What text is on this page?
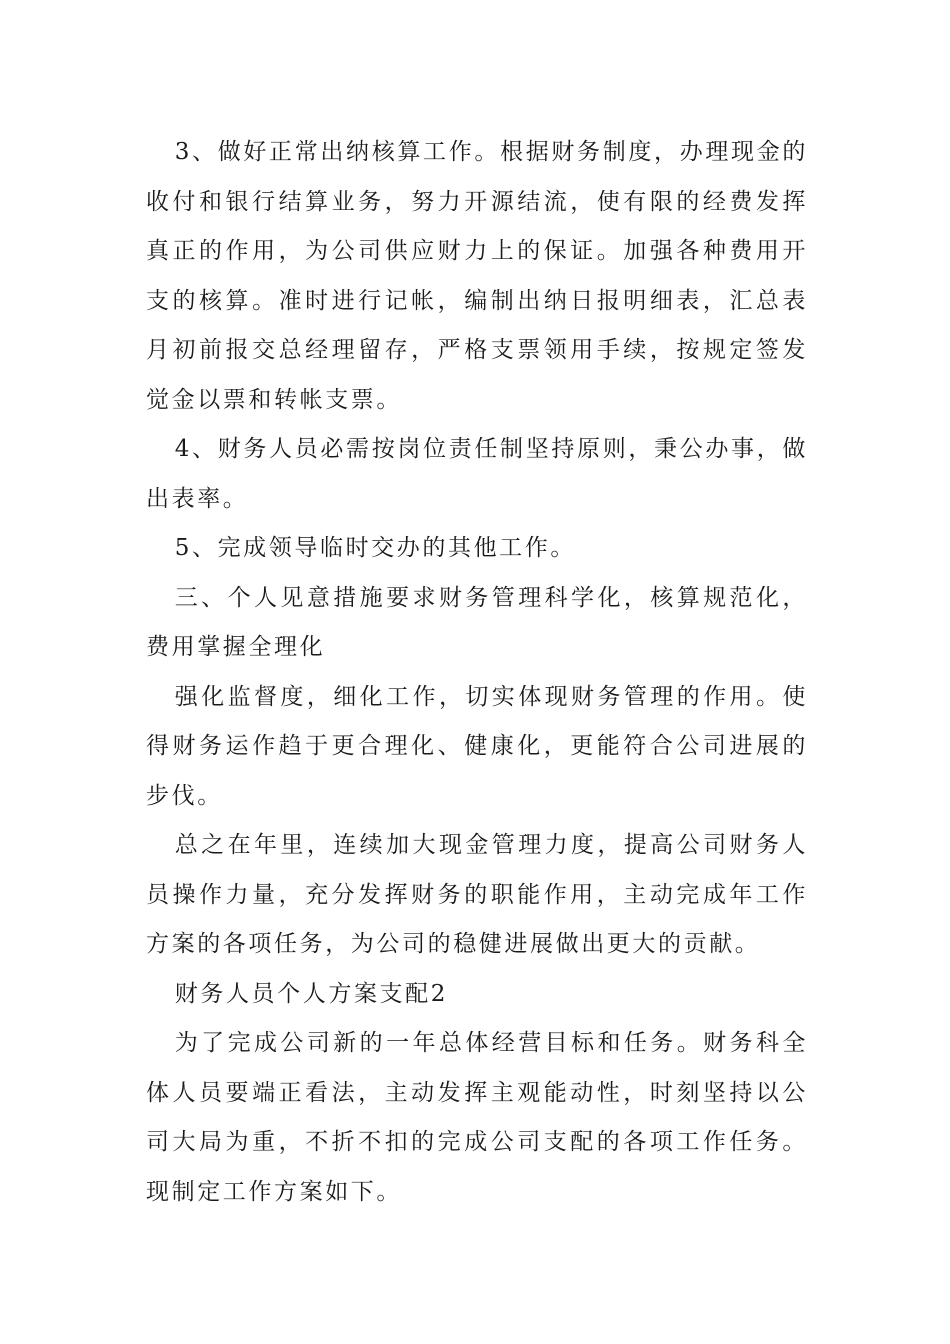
3、做好正常出纳核算工作。根据财务制度，办理现金的收付和银行结算业务，努力开源结流，使有限的经费发挥真正的作用，为公司供应财力上的保证。加强各种费用开支的核算。准时进行记帐，编制出纳日报明细表，汇总表月初前报交总经理留存，严格支票领用手续，按规定签发觉金以票和转帐支票。

4、财务人员必需按岗位责任制坚持原则，秉公办事，做出表率。

5、完成领导临时交办的其他工作。

三、个人见意措施要求财务管理科学化，核算规范化，费用掌握全理化

强化监督度，细化工作，切实体现财务管理的作用。使得财务运作趋于更合理化、健康化，更能符合公司进展的步伐。

总之在年里，连续加大现金管理力度，提高公司财务人员操作力量，充分发挥财务的职能作用，主动完成年工作方案的各项任务，为公司的稳健进展做出更大的贡献。

财务人员个人方案支配2

为了完成公司新的一年总体经营目标和任务。财务科全体人员要端正看法，主动发挥主观能动性，时刻坚持以公司大局为重，不折不扣的完成公司支配的各项工作任务。现制定工作方案如下。
